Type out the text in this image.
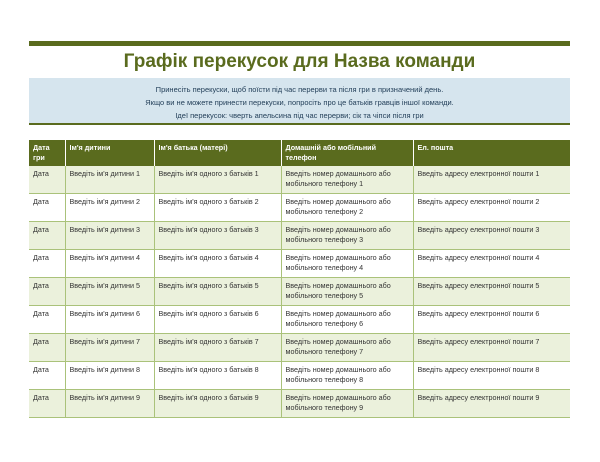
Графік перекусок для Назва команди
Принесіть перекуски, щоб поїсти під час перерви та після гри в призначений день.
Якщо ви не можете принести перекуски, попросіть про це батьків гравців іншої команди.
Ідеї перекусок: чверть апельсина під час перерви; сік та чіпси після гри
Дата гри	Ім'я дитини	Ім'я батька (матері)	Домашній або мобільний телефон	Ел. пошта
Дата	Введіть ім'я дитини 1	Введіть ім'я одного з батьків 1	Введіть номер домашнього або мобільного телефону 1	Введіть адресу електронної пошти 1
Дата	Введіть ім'я дитини 2	Введіть ім'я одного з батьків 2	Введіть номер домашнього або мобільного телефону 2	Введіть адресу електронної пошти 2
Дата	Введіть ім'я дитини 3	Введіть ім'я одного з батьків 3	Введіть номер домашнього або мобільного телефону 3	Введіть адресу електронної пошти 3
Дата	Введіть ім'я дитини 4	Введіть ім'я одного з батьків 4	Введіть номер домашнього або мобільного телефону 4	Введіть адресу електронної пошти 4
Дата	Введіть ім'я дитини 5	Введіть ім'я одного з батьків 5	Введіть номер домашнього або мобільного телефону 5	Введіть адресу електронної пошти 5
Дата	Введіть ім'я дитини 6	Введіть ім'я одного з батьків 6	Введіть номер домашнього або мобільного телефону 6	Введіть адресу електронної пошти 6
Дата	Введіть ім'я дитини 7	Введіть ім'я одного з батьків 7	Введіть номер домашнього або мобільного телефону 7	Введіть адресу електронної пошти 7
Дата	Введіть ім'я дитини 8	Введіть ім'я одного з батьків 8	Введіть номер домашнього або мобільного телефону 8	Введіть адресу електронної пошти 8
Дата	Введіть ім'я дитини 9	Введіть ім'я одного з батьків 9	Введіть номер домашнього або мобільного телефону 9	Введіть адресу електронної пошти 9
